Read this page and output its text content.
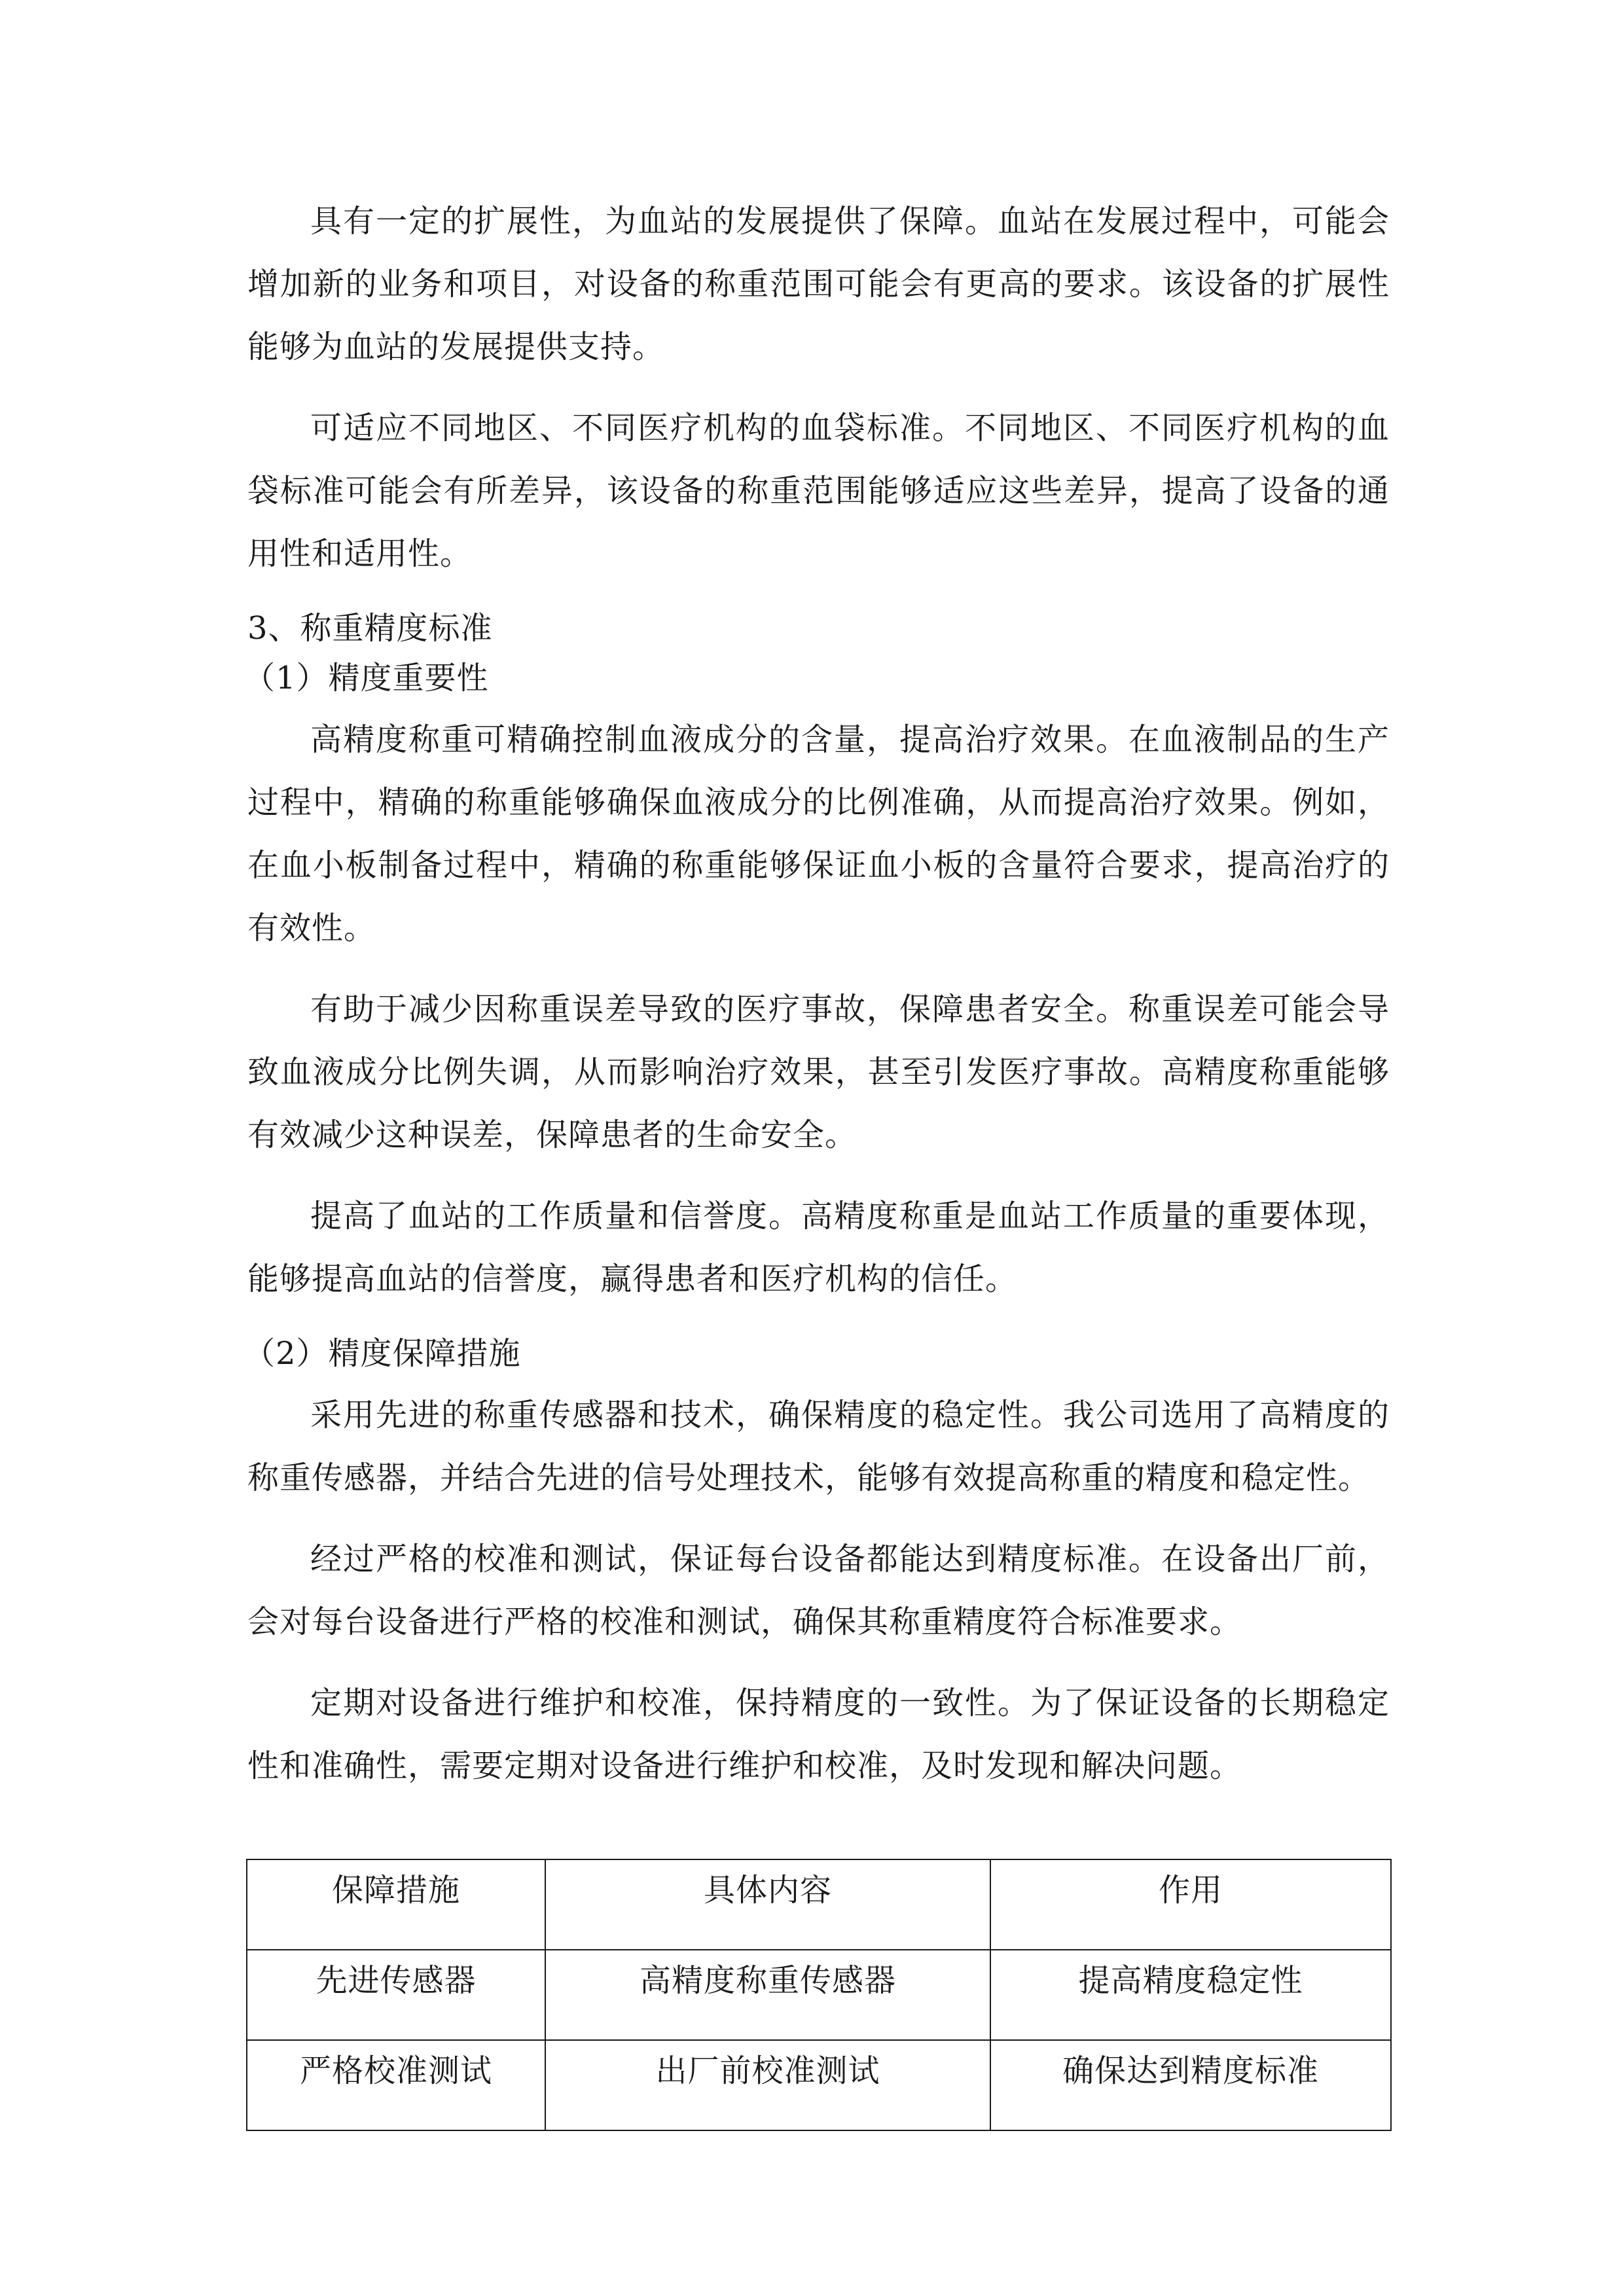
具有一定的扩展性，为血站的发展提供了保障。血站在发展过程中，可能会增加新的业务和项目，对设备的称重范围可能会有更高的要求。该设备的扩展性能够为血站的发展提供支持。

可适应不同地区、不同医疗机构的血袋标准。不同地区、不同医疗机构的血袋标准可能会有所差异，该设备的称重范围能够适应这些差异，提高了设备的通用性和适用性。

3、称重精度标准
（1）精度重要性

高精度称重可精确控制血液成分的含量，提高治疗效果。在血液制品的生产过程中，精确的称重能够确保血液成分的比例准确，从而提高治疗效果。例如，在血小板制备过程中，精确的称重能够保证血小板的含量符合要求，提高治疗的有效性。

有助于减少因称重误差导致的医疗事故，保障患者安全。称重误差可能会导致血液成分比例失调，从而影响治疗效果，甚至引发医疗事故。高精度称重能够有效减少这种误差，保障患者的生命安全。

提高了血站的工作质量和信誉度。高精度称重是血站工作质量的重要体现，能够提高血站的信誉度，赢得患者和医疗机构的信任。

（2）精度保障措施

采用先进的称重传感器和技术，确保精度的稳定性。我公司选用了高精度的称重传感器，并结合先进的信号处理技术，能够有效提高称重的精度和稳定性。

经过严格的校准和测试，保证每台设备都能达到精度标准。在设备出厂前，会对每台设备进行严格的校准和测试，确保其称重精度符合标准要求。

定期对设备进行维护和校准，保持精度的一致性。为了保证设备的长期稳定性和准确性，需要定期对设备进行维护和校准，及时发现和解决问题。

保障措施	具体内容	作用
先进传感器	高精度称重传感器	提高精度稳定性
严格校准测试	出厂前校准测试	确保达到精度标准
